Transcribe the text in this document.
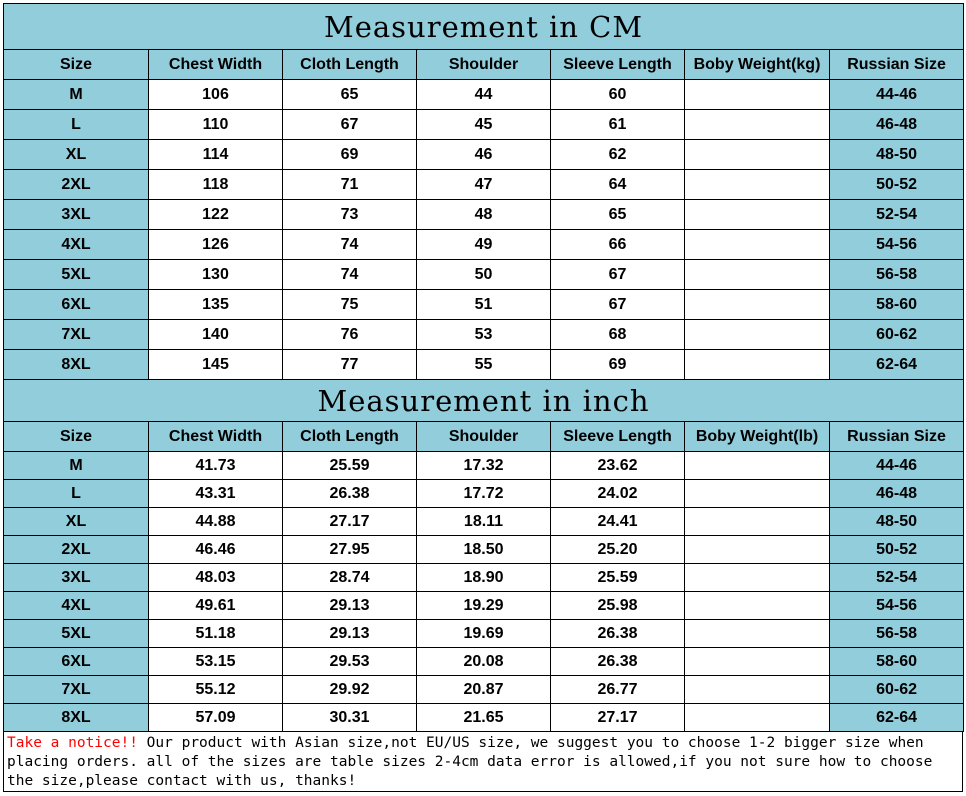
Measurement in CM						
Size	Chest Width	Cloth Length	Shoulder	Sleeve Length	Boby Weight(kg)	Russian Size
M	106	65	44	60		44-46
L	110	67	45	61		46-48
XL	114	69	46	62		48-50
2XL	118	71	47	64		50-52
3XL	122	73	48	65		52-54
4XL	126	74	49	66		54-56
5XL	130	74	50	67		56-58
6XL	135	75	51	67		58-60
7XL	140	76	53	68		60-62
8XL	145	77	55	69		62-64
Measurement in inch						
Size	Chest Width	Cloth Length	Shoulder	Sleeve Length	Boby Weight(lb)	Russian Size
M	41.73	25.59	17.32	23.62		44-46
L	43.31	26.38	17.72	24.02		46-48
XL	44.88	27.17	18.11	24.41		48-50
2XL	46.46	27.95	18.50	25.20		50-52
3XL	48.03	28.74	18.90	25.59		52-54
4XL	49.61	29.13	19.29	25.98		54-56
5XL	51.18	29.13	19.69	26.38		56-58
6XL	53.15	29.53	20.08	26.38		58-60
7XL	55.12	29.92	20.87	26.77		60-62
8XL	57.09	30.31	21.65	27.17		62-64
Take a notice!! Our product with Asian size,not EU/US size, we suggest you to choose 1-2 bigger size when placing orders. all of the sizes are table sizes 2-4cm data error is allowed,if you not sure how to choose the size,please contact with us, thanks!
